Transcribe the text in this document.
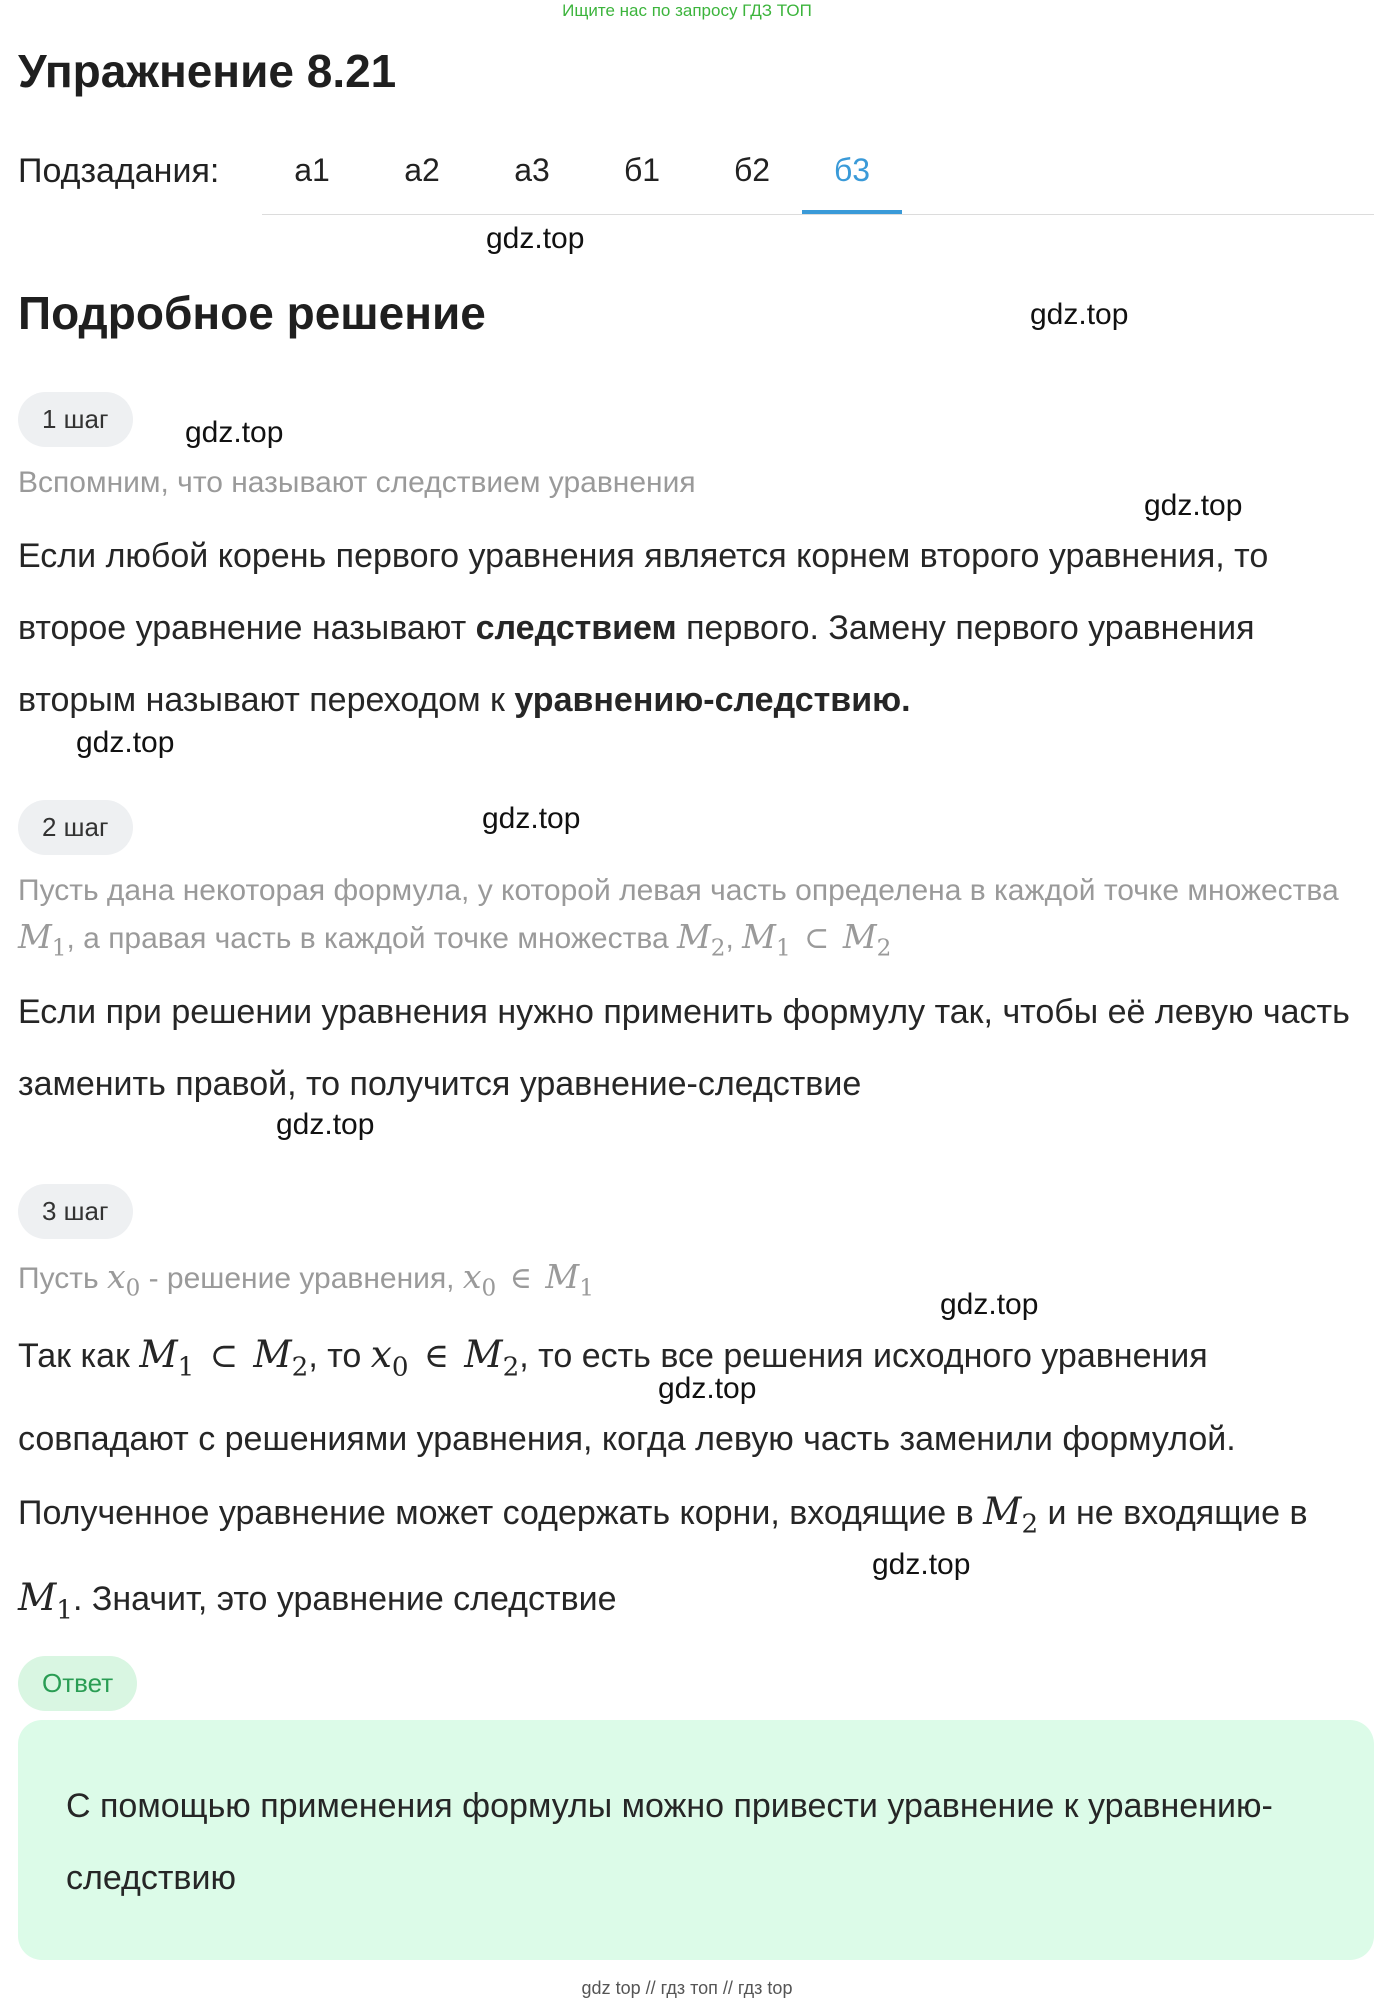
Ищите нас по запросу ГДЗ ТОП
Упражнение 8.21
Подзадания:	а1	а2	а3	б1	б2	б3
Подробное решение
gdz.top
gdz.top
gdz.top
gdz.top
gdz.top
gdz.top
gdz.top
gdz.top
gdz.top
gdz.top
1 шаг
Вспомним, что называют следствием уравнения
Если любой корень первого уравнения является корнем второго уравнения, то второе уравнение называют следствием первого. Замену первого уравнения вторым называют переходом к уравнению-следствию.
2 шаг
Пусть дана некоторая формула, у которой левая часть определена в каждой точке множества $M_1$, а правая часть в каждой точке множества $M_2$, $M_1$ ⊂ $M_2$
Если при решении уравнения нужно применить формулу так, чтобы её левую часть заменить правой, то получится уравнение-следствие
3 шаг
Пусть $x_0$ - решение уравнения, $x_0$ ∈ $M_1$
Так как $M_1$ ⊂ $M_2$, то $x_0$ ∈ $M_2$, то есть все решения исходного уравнения совпадают с решениями уравнения, когда левую часть заменили формулой. Полученное уравнение может содержать корни, входящие в $M_2$ и не входящие в $M_1$. Значит, это уравнение следствие
Ответ
С помощью применения формулы можно привести уравнение к уравнению-следствию
gdz top // гдз топ // гдз top
